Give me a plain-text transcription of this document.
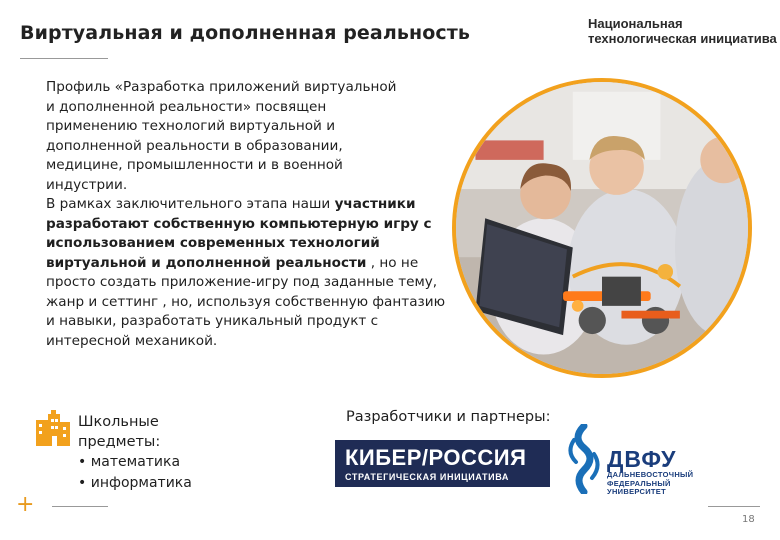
Виртуальная и дополненная реальность	Национальная
технологическая инициатива
Профиль «Разработка приложений виртуальной
и дополненной реальности» посвящен
применению технологий виртуальной и
дополненной реальности в образовании,
медицине, промышленности и в военной
индустрии.
В рамках заключительного этапа наши участники разработают собственную компьютерную игру с использованием современных технологий виртуальной и дополненной реальности , но не просто создать приложение-игру под заданные тему, жанр и сеттинг , но, используя собственную фантазию и навыки, разработать уникальный продукт с интересной механикой.
Школьные
предметы:
• математика
• информатика
Разработчики и партнеры:
КИБЕР/РОССИЯ
СТРАТЕГИЧЕСКАЯ ИНИЦИАТИВА
ДВФУ
ДАЛЬНЕВОСТОЧНЫЙ
ФЕДЕРАЛЬНЫЙ
УНИВЕРСИТЕТ
+
18
